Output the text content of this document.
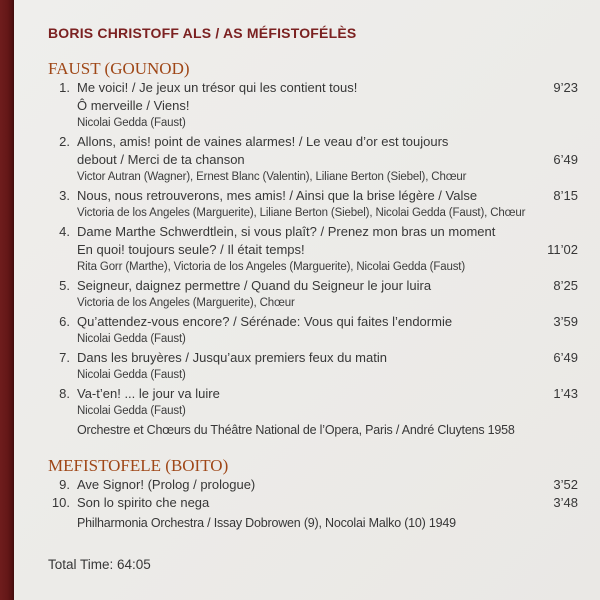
BORIS CHRISTOFF ALS / AS MÉFISTOFÉLÈS
FAUST (GOUNOD)
1. Me voici! / Je jeux un trésor qui les contient tous!	9’23
Ô merveille / Viens!
Nicolai Gedda (Faust)
2. Allons, amis! point de vaines alarmes! / Le veau d’or est toujours
debout / Merci de ta chanson	6’49
Victor Autran (Wagner), Ernest Blanc (Valentin), Liliane Berton (Siebel), Chœur
3. Nous, nous retrouverons, mes amis! / Ainsi que la brise légère / Valse	8’15
Victoria de los Angeles (Marguerite), Liliane Berton (Siebel), Nicolai Gedda (Faust), Chœur
4. Dame Marthe Schwerdtlein, si vous plaît? / Prenez mon bras un moment
En quoi! toujours seule? / Il était temps!	11’02
Rita Gorr (Marthe), Victoria de los Angeles (Marguerite), Nicolai Gedda (Faust)
5. Seigneur, daignez permettre / Quand du Seigneur le jour luira	8’25
Victoria de los Angeles (Marguerite), Chœur
6. Qu’attendez-vous encore? / Sérénade: Vous qui faites l’endormie	3’59
Nicolai Gedda (Faust)
7. Dans les bruyères / Jusqu’aux premiers feux du matin	6’49
Nicolai Gedda (Faust)
8. Va-t’en! ... le jour va luire	1’43
Nicolai Gedda (Faust)
Orchestre et Chœurs du Théâtre National de l’Opera, Paris / André Cluytens 1958
MEFISTOFELE (BOITO)
9. Ave Signor! (Prolog / prologue)	3’52
10. Son lo spirito che nega	3’48
Philharmonia Orchestra / Issay Dobrowen (9), Nocolai Malko (10) 1949
Total Time: 64:05
